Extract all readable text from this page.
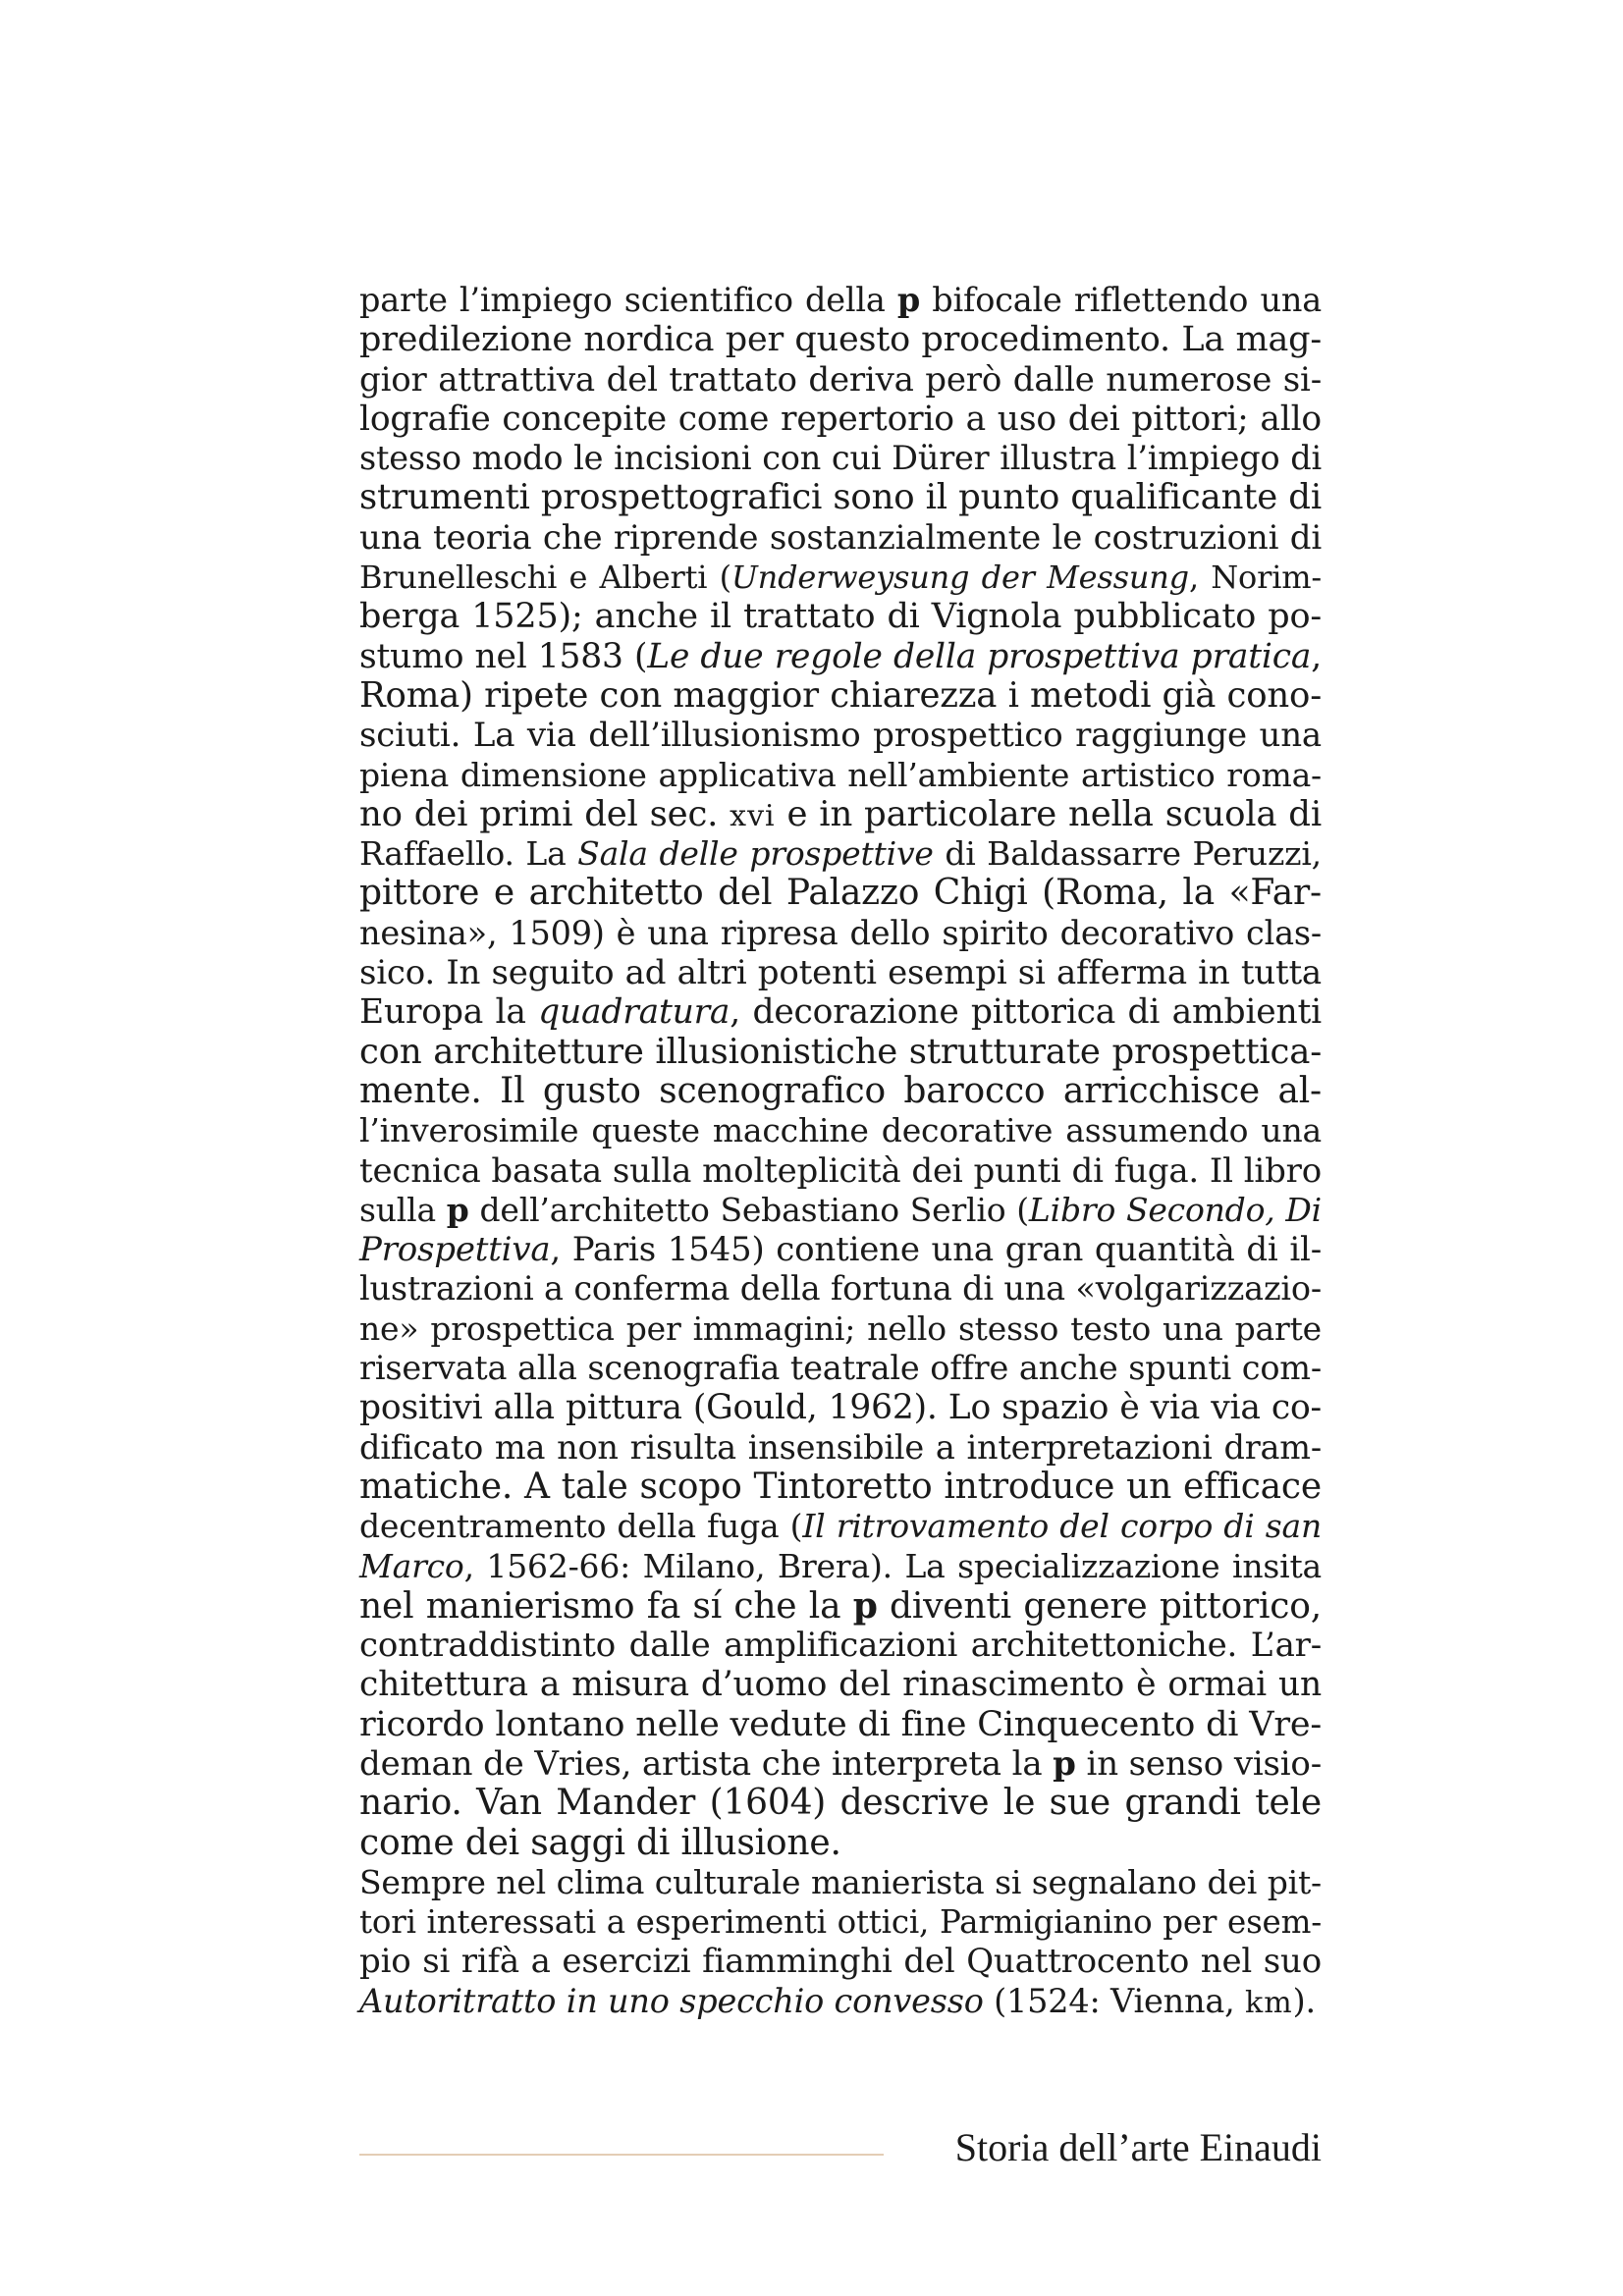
parte l’impiego scientifico della p bifocale riflettendo una
predilezione nordica per questo procedimento. La mag-
gior attrattiva del trattato deriva però dalle numerose si-
lografie concepite come repertorio a uso dei pittori; allo
stesso modo le incisioni con cui Dürer illustra l’impiego di
strumenti prospettografici sono il punto qualificante di
una teoria che riprende sostanzialmente le costruzioni di
Brunelleschi e Alberti (Underweysung der Messung, Norim-
berga 1525); anche il trattato di Vignola pubblicato po-
stumo nel 1583 (Le due regole della prospettiva pratica,
Roma) ripete con maggior chiarezza i metodi già cono-
sciuti. La via dell’illusionismo prospettico raggiunge una
piena dimensione applicativa nell’ambiente artistico roma-
no dei primi del sec. xvi e in particolare nella scuola di
Raffaello. La Sala delle prospettive di Baldassarre Peruzzi,
pittore e architetto del Palazzo Chigi (Roma, la «Far-
nesina», 1509) è una ripresa dello spirito decorativo clas-
sico. In seguito ad altri potenti esempi si afferma in tutta
Europa la quadratura, decorazione pittorica di ambienti
con architetture illusionistiche strutturate prospettica-
mente. Il gusto scenografico barocco arricchisce al-
l’inverosimile queste macchine decorative assumendo una
tecnica basata sulla molteplicità dei punti di fuga. Il libro
sulla p dell’architetto Sebastiano Serlio (Libro Secondo, Di
Prospettiva, Paris 1545) contiene una gran quantità di il-
lustrazioni a conferma della fortuna di una «volgarizzazio-
ne» prospettica per immagini; nello stesso testo una parte
riservata alla scenografia teatrale offre anche spunti com-
positivi alla pittura (Gould, 1962). Lo spazio è via via co-
dificato ma non risulta insensibile a interpretazioni dram-
matiche. A tale scopo Tintoretto introduce un efficace
decentramento della fuga (Il ritrovamento del corpo di san
Marco, 1562-66: Milano, Brera). La specializzazione insita
nel manierismo fa sí che la p diventi genere pittorico,
contraddistinto dalle amplificazioni architettoniche. L’ar-
chitettura a misura d’uomo del rinascimento è ormai un
ricordo lontano nelle vedute di fine Cinquecento di Vre-
deman de Vries, artista che interpreta la p in senso visio-
nario. Van Mander (1604) descrive le sue grandi tele
come dei saggi di illusione.
Sempre nel clima culturale manierista si segnalano dei pit-
tori interessati a esperimenti ottici, Parmigianino per esem-
pio si rifà a esercizi fiamminghi del Quattrocento nel suo
Autoritratto in uno specchio convesso (1524: Vienna, km).
Storia dell’arte Einaudi
